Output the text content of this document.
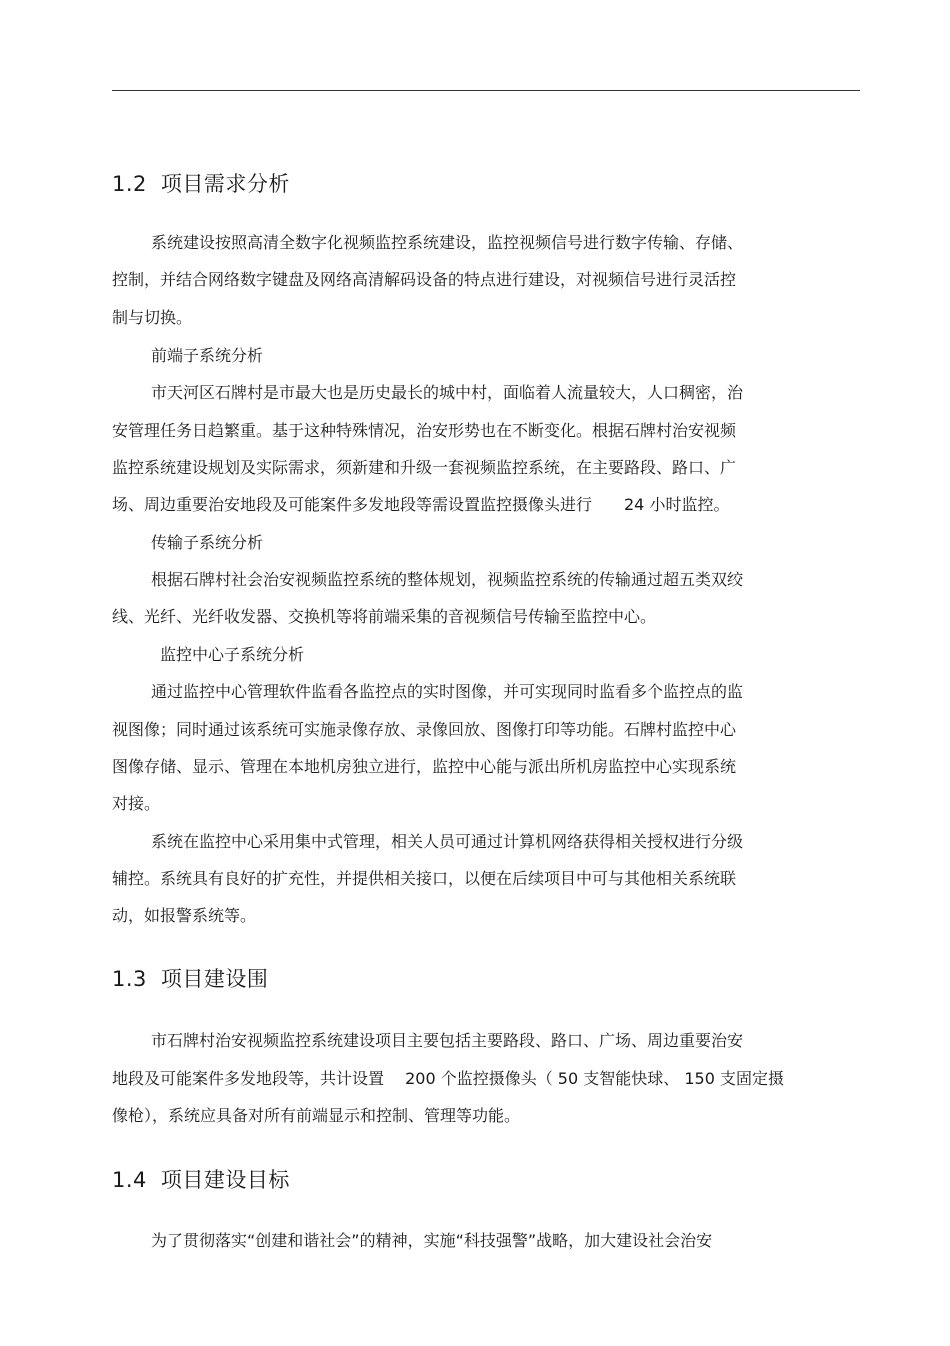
1.2 项目需求分析
系统建设按照高清全数字化视频监控系统建设，监控视频信号进行数字传输、存储、
控制，并结合网络数字键盘及网络高清解码设备的特点进行建设，对视频信号进行灵活控
制与切换。
前端子系统分析
市天河区石牌村是市最大也是历史最长的城中村，面临着人流量较大，人口稠密，治
安管理任务日趋繁重。基于这种特殊情况，治安形势也在不断变化。根据石牌村治安视频
监控系统建设规划及实际需求，须新建和升级一套视频监控系统，在主要路段、路口、广
场、周边重要治安地段及可能案件多发地段等需设置监控摄像头进行　　24 小时监控。
传输子系统分析
根据石牌村社会治安视频监控系统的整体规划，视频监控系统的传输通过超五类双绞
线、光纤、光纤收发器、交换机等将前端采集的音视频信号传输至监控中心。
监控中心子系统分析
通过监控中心管理软件监看各监控点的实时图像，并可实现同时监看多个监控点的监
视图像；同时通过该系统可实施录像存放、录像回放、图像打印等功能。石牌村监控中心
图像存储、显示、管理在本地机房独立进行，监控中心能与派出所机房监控中心实现系统
对接。
系统在监控中心采用集中式管理，相关人员可通过计算机网络获得相关授权进行分级
辅控。系统具有良好的扩充性，并提供相关接口，以便在后续项目中可与其他相关系统联
动，如报警系统等。
1.3 项目建设围
市石牌村治安视频监控系统建设项目主要包括主要路段、路口、广场、周边重要治安
地段及可能案件多发地段等，共计设置　 200 个监控摄像头（ 50 支智能快球、 150 支固定摄
像枪），系统应具备对所有前端显示和控制、管理等功能。
1.4 项目建设目标
为了贯彻落实“创建和谐社会”的精神，实施“科技强警”战略，加大建设社会治安
